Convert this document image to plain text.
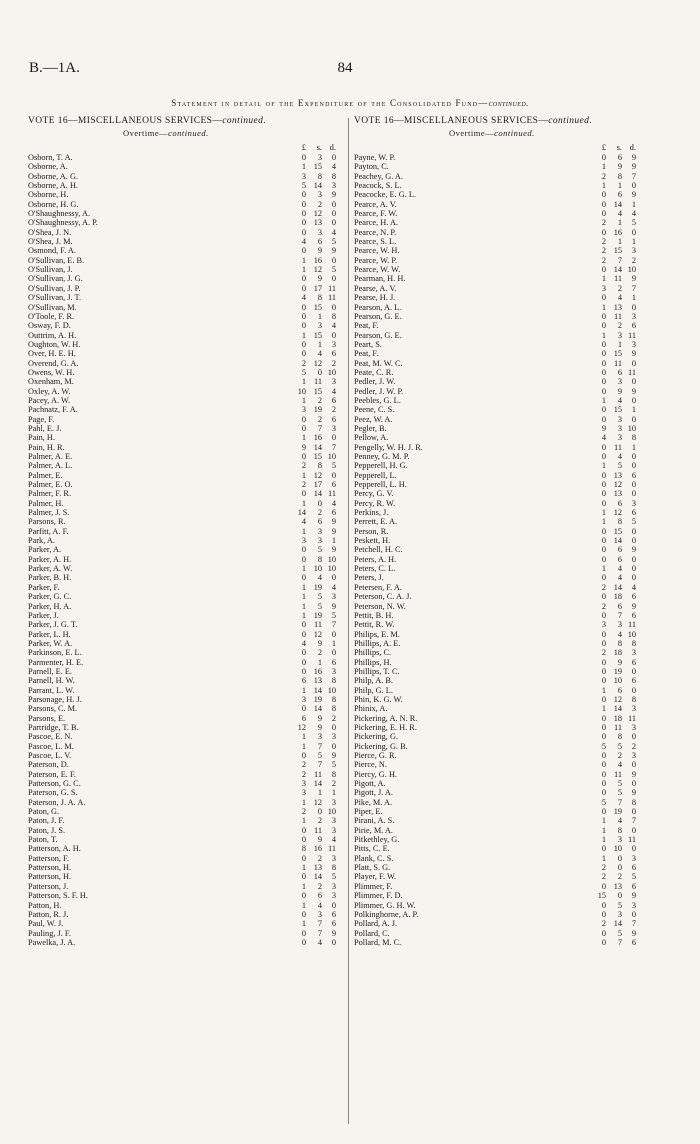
B.—1A.	84
Statement in detail of the Expenditure of the Consolidated Fund—continued.
VOTE 16—MISCELLANEOUS SERVICES—continued.
Overtime—continued.
£	s. d.
Osborn, T. A.	0	3	0
Osborne, A.	1 15	4
Osborne, A. G.	3	8	8
Osborne, A. H.	5 14	3
Osborne, H.	0	3	9
Osborne, H. G.	0	2	0
O'Shaughnessy, A.	0 12	0
O'Shaughnessy, A. P.	0 13	0
O'Shea, J. N.	0	3	4
O'Shea, J. M.	4	6	5
Osmond, F. A.	0	9	9
O'Sullivan, E. B.	1 16	0
O'Sullivan, J.	1 12	5
O'Sullivan, J. G.	0	9	0
O'Sullivan, J. P.	0 17 11
O'Sullivan, J. T.	4	8 11
O'Sullivan, M.	0 15	0
O'Toole, F. R.	0	1	8
Osway, F. D.	0	3	4
Outtrim, A. H.	1 15	0
Oughton, W. H.	0	1	3
Over, H. E. H.	0	4	6
Overend, G. A.	2 12	2
Owens, W. H.	5	0 10
Oxenham, M.	1 11	3
Oxley, A. W.	10 15	4
Pacey, A. W.	1	2	6
Pachnatz, F. A.	3 19	2
Page, F.	0	2	6
Pahl, E. J.	0	7	3
Pain, H.	1 16	0
Pain, H. R.	9 14	7
Palmer, A. E.	0 15 10
Palmer, A. L.	2	8	5
Palmer, E.	1 12	0
Palmer, E. O.	2 17	6
Palmer, F. R.	0 14 11
Palmer, H.	1	0	4
Palmer, J. S.	14	2	6
Parsons, R.	4	6	9
Parfitt, A. F.	1	3	9
Park, A.	3	3	1
Parker, A.	0	5	9
Parker, A. H.	0	8 10
Parker, A. W.	1 10 10
Parker, B. H.	0	4	0
Parker, F.	1 19	4
Parker, G. C.	1	5	3
Parker, H. A.	1	5	9
Parker, J.	1 19	5
Parker, J. G. T.	0 11	7
Parker, L. H.	0 12	0
Parker, W. A.	4	9	1
Parkinson, E. L.	0	2	0
Parmenter, H. E.	0	1	6
Parnell, E. E.	0 16	3
Parnell, H. W.	6 13	8
Parrant, L. W.	1 14 10
Parsonage, H. J.	3 19	8
Parsons, C. M.	0 14	8
Parsons, E.	6	9	2
Partridge, T. B.	12	9	0
Pascoe, E. N.	1	3	3
Pascoe, L. M.	1	7	0
Pascoe, L. V.	0	5	9
Paterson, D.	2	7	5
Paterson, E. F.	2 11	8
Patterson, G. C.	3 14	2
Paterson, G. S.	3	1	1
Paterson, J. A. A.	1 12	3
Paton, G.	2	0 10
Paton, J. F.	1	2	3
Paton, J. S.	0 11	3
Paton, T.	0	9	4
Patterson, A. H.	8 16 11
Patterson, F.	0	2	3
Patterson, H.	1 13	8
Patterson, H.	0 14	5
Patterson, J.	1	2	3
Patterson, S. F. H.	0	6	3
Patton, H.	1	4	0
Patton, R. J.	0	3	6
Paul, W. J.	1	7	6
Pauling, J. F.	0	7	9
Pawelka, J. A.	0	4	0
VOTE 16—MISCELLANEOUS SERVICES—continued.
Overtime—continued.
£	s. d.
Payne, W. P.	0	6	9
Payton, C.	1	9	9
Peachey, G. A.	2	8	7
Peacock, S. L.	1	1	0
Peacocke, E. G. L.	0	6	9
Pearce, A. V.	0 14	1
Pearce, F. W.	0	4	4
Pearce, H. A.	2	1	5
Pearce, N. P.	0 16	0
Pearce, S. L.	2	1	1
Pearce, W. H.	2 15	3
Pearce, W. P.	2	7	2
Pearce, W. W.	0 14 10
Pearman, H. H.	1 11	9
Pearse, A. V.	3	2	7
Pearse, H. J.	0	4	1
Pearson, A. L.	1 13	0
Pearson, G. E.	0 11	3
Peat, F.	0	2	6
Pearson, G. E.	1	3 11
Peart, S.	0	1	3
Peat, F.	0 15	9
Peat, M. W. C.	0 11	0
Peate, C. R.	0	6 11
Pedler, J. W.	0	3	0
Pedler, J. W. P.	0	9	9
Peebles, G. L.	1	4	0
Peene, C. S.	0 15	1
Peez, W. A.	0	3	0
Pegler, B.	9	3 10
Pellow, A.	4	3	8
Pengelly, W. H. J. R.	0 11	1
Penney, G. M. P.	0	4	0
Pepperell, H. G.	1	5	0
Pepperell, L.	0 13	6
Pepperell, L. H.	0 12	0
Percy, G. V.	0 13	0
Percy, R. W.	0	6	3
Perkins, J.	1 12	6
Perrett, E. A.	1	8	5
Person, R.	0 15	0
Peskett, H.	0 14	0
Petchell, H. C.	0	6	9
Peters, A. H.	0	6	0
Peters, C. L.	1	4	0
Peters, J.	0	4	0
Petersen, F. A.	2 14	4
Peterson, C. A. J.	0 18	6
Peterson, N. W.	2	6	9
Pettit, B. H.	0	7	6
Pettit, R. W.	3	3 11
Philips, E. M.	0	4 10
Phillips, A. E.	0	8	8
Phillips, C.	2 18	3
Phillips, H.	0	9	6
Phillips, T. C.	0 19	0
Philp, A. B.	0 10	6
Philp, G. L.	1	6	0
Phin, K. G. W.	0 12	8
Phinix, A.	1 14	3
Pickering, A. N. R.	0 18 11
Pickering, E. H. R.	0 11	3
Pickering, G.	0	8	0
Pickering, G. B.	5	5	2
Pierce, G. R.	0	2	3
Pierce, N.	0	4	0
Piercy, G. H.	0 11	9
Pigott, A.	0	5	0
Pigott, J. A.	0	5	9
Pike, M. A.	5	7	8
Piper, E.	0 19	0
Pirani, A. S.	1	4	7
Pirie, M. A.	1	8	0
Pitkethley, G.	1	3 11
Pitts, C. E.	0 10	0
Plank, C. S.	1	0	3
Platt, S. G.	2	0	6
Player, F. W.	2	2	5
Plimmer, F.	0 13	6
Plimmer, F. D.	15	0	9
Plimmer, G. H. W.	0	5	3
Polkinghorne, A. P.	0	3	0
Pollard, A. J.	2 14	7
Pollard, C.	0	5	9
Pollard, M. C.	0	7	6
